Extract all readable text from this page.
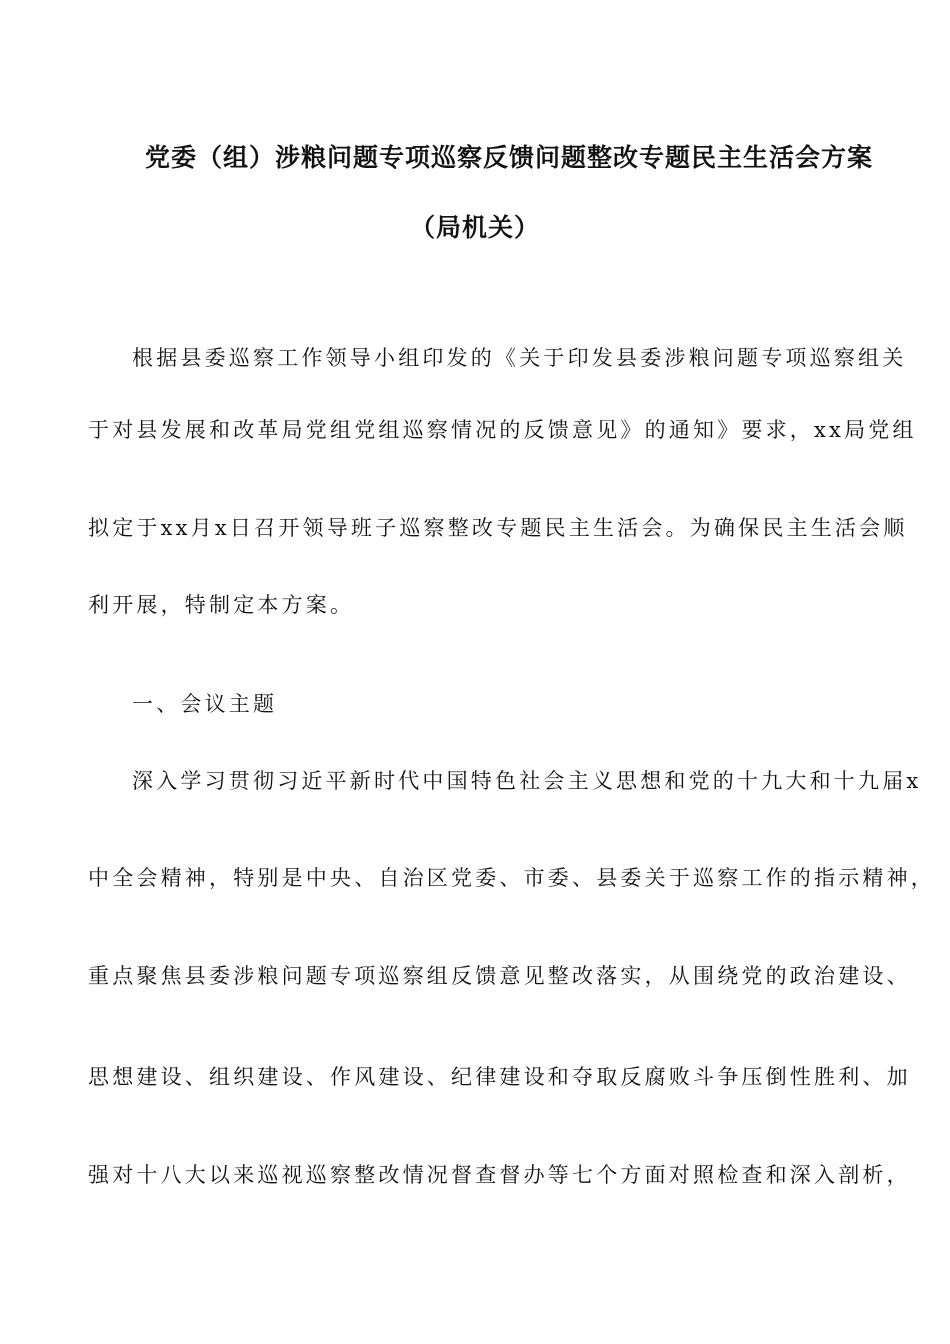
党委（组）涉粮问题专项巡察反馈问题整改专题民主生活会方案
（局机关）
根据县委巡察工作领导小组印发的《关于印发县委涉粮问题专项巡察组关
于对县发展和改革局党组党组巡察情况的反馈意见》的通知》要求，xx局党组
拟定于xx月x日召开领导班子巡察整改专题民主生活会。为确保民主生活会顺
利开展，特制定本方案。
一、会议主题
深入学习贯彻习近平新时代中国特色社会主义思想和党的十九大和十九届x
中全会精神，特别是中央、自治区党委、市委、县委关于巡察工作的指示精神，
重点聚焦县委涉粮问题专项巡察组反馈意见整改落实，从围绕党的政治建设、
思想建设、组织建设、作风建设、纪律建设和夺取反腐败斗争压倒性胜利、加
强对十八大以来巡视巡察整改情况督查督办等七个方面对照检查和深入剖析，
